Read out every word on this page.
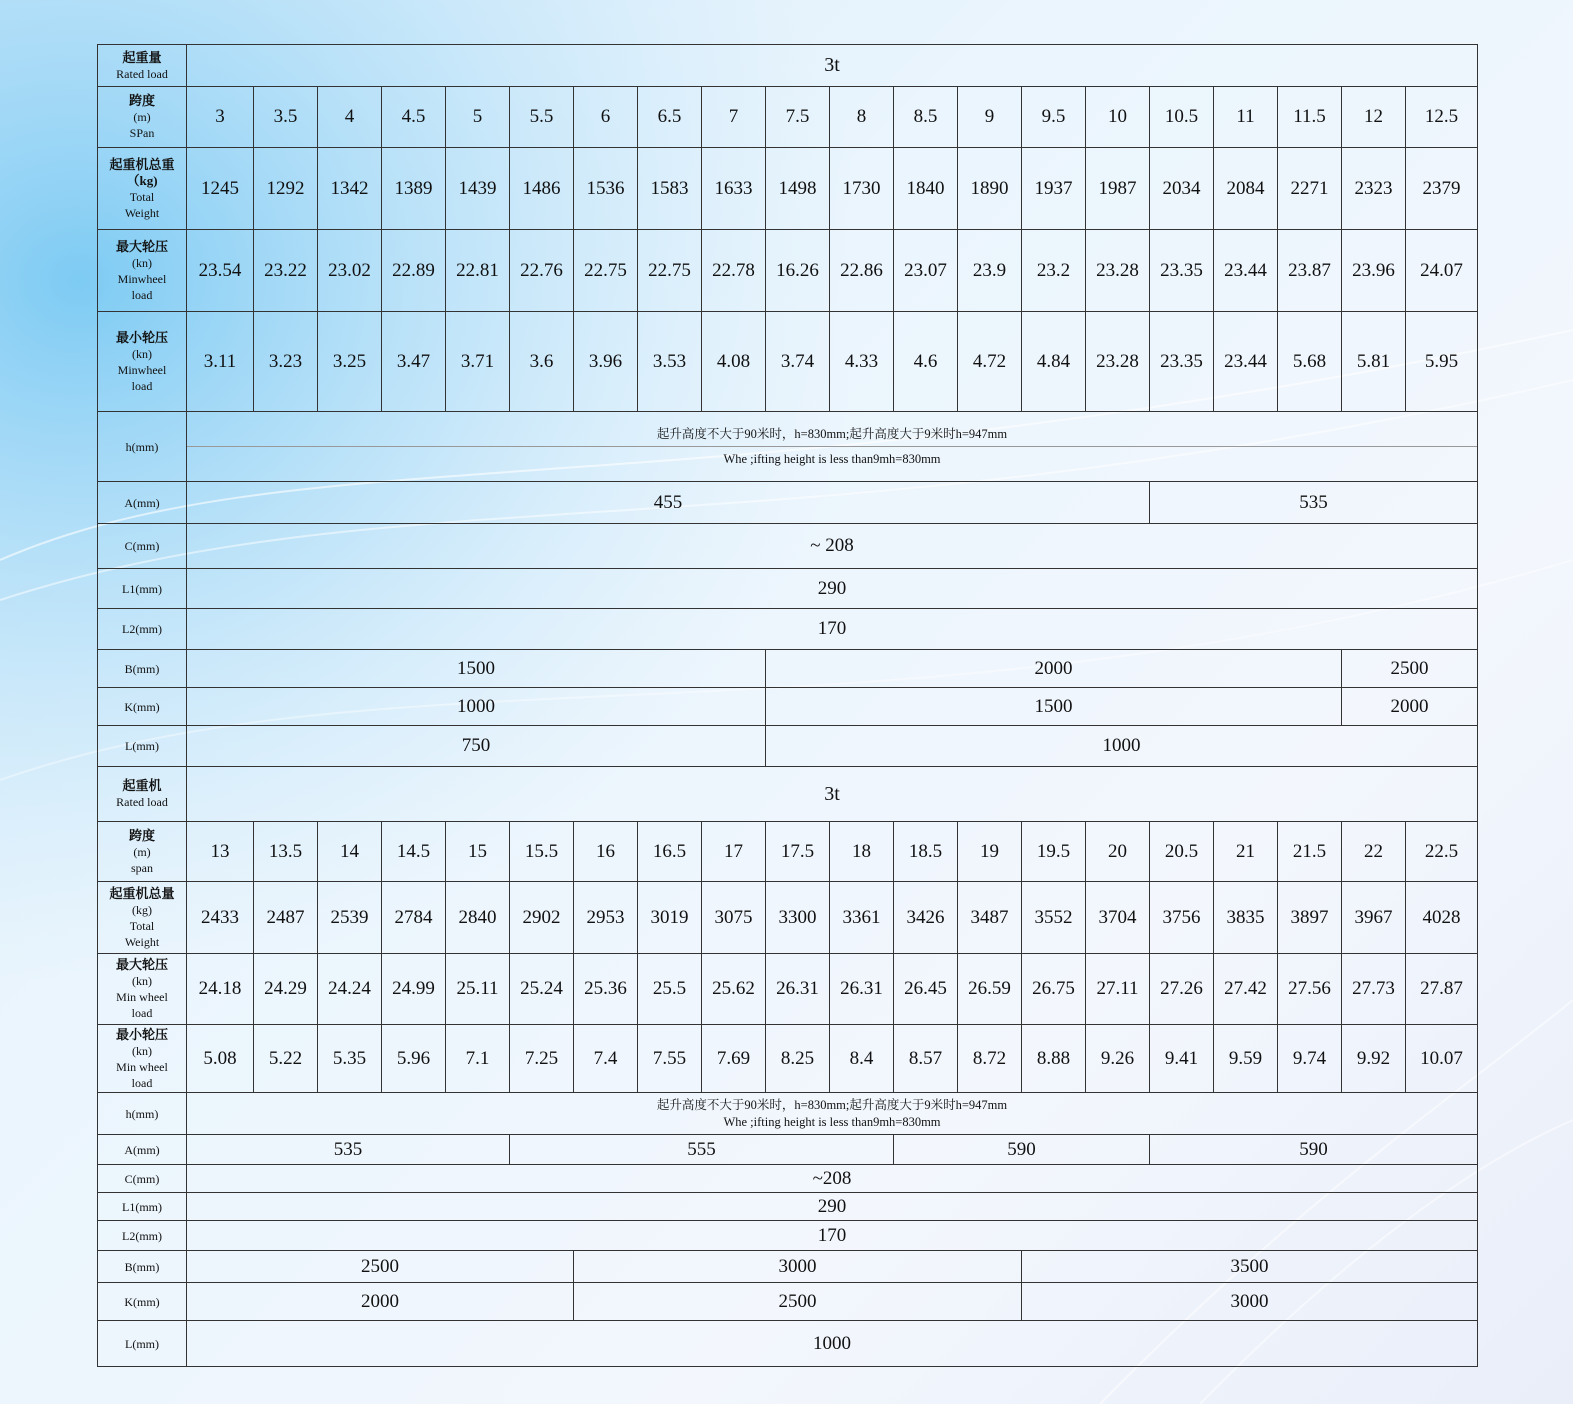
起重量
Rated load	3t																			

跨度
(m)
SPan	3	3.5	4	4.5	5	5.5	6	6.5	7	7.5	8	8.5	9	9.5	10	10.5	11	11.5	12	12.5

起重机总重（kg)
Total
Weight	1245	1292	1342	1389	1439	1486	1536	1583	1633	1498	1730	1840	1890	1937	1987	2034	2084	2271	2323	2379

最大轮压
(kn)
Minwheel
load	23.54	23.22	23.02	22.89	22.81	22.76	22.75	22.75	22.78	16.26	22.86	23.07	23.9	23.2	23.28	23.35	23.44	23.87	23.96	24.07

最小轮压
(kn)
Minwheel
load	3.11	3.23	3.25	3.47	3.71	3.6	3.96	3.53	4.08	3.74	4.33	4.6	4.72	4.84	23.28	23.35	23.44	5.68	5.81	5.95
h(mm)	起升高度不大于90米时，h=830mm;起升高度大于9米时h=947mm
Whe ;ifting height is less than9mh=830mm																			

A(mm)	455															535				
C(mm)	~ 208																			
L1(mm)	290																			
L2(mm)	170																			
B(mm)	1500									2000									2500	
K(mm)	1000									1500									2000	
L(mm)	750									1000										
起重机
Rated load	3t																			

跨度
(m)
span	13	13.5	14	14.5	15	15.5	16	16.5	17	17.5	18	18.5	19	19.5	20	20.5	21	21.5	22	22.5

起重机总量
(kg)
Total
Weight	2433	2487	2539	2784	2840	2902	2953	3019	3075	3300	3361	3426	3487	3552	3704	3756	3835	3897	3967	4028

最大轮压
(kn)
Min wheel
load	24.18	24.29	24.24	24.99	25.11	25.24	25.36	25.5	25.62	26.31	26.31	26.45	26.59	26.75	27.11	27.26	27.42	27.56	27.73	27.87

最小轮压
(kn)
Min wheel
load	5.08	5.22	5.35	5.96	7.1	7.25	7.4	7.55	7.69	8.25	8.4	8.57	8.72	8.88	9.26	9.41	9.59	9.74	9.92	10.07
h(mm)	起升高度不大于90米时，h=830mm;起升高度大于9米时h=947mm
Whe ;ifting height is less than9mh=830mm																			

A(mm)	535					555						590				590				
C(mm)	~208																			
L1(mm)	290																			
L2(mm)	170																			
B(mm)	2500						3000							3500						
K(mm)	2000						2500							3000						
L(mm)	1000																			
